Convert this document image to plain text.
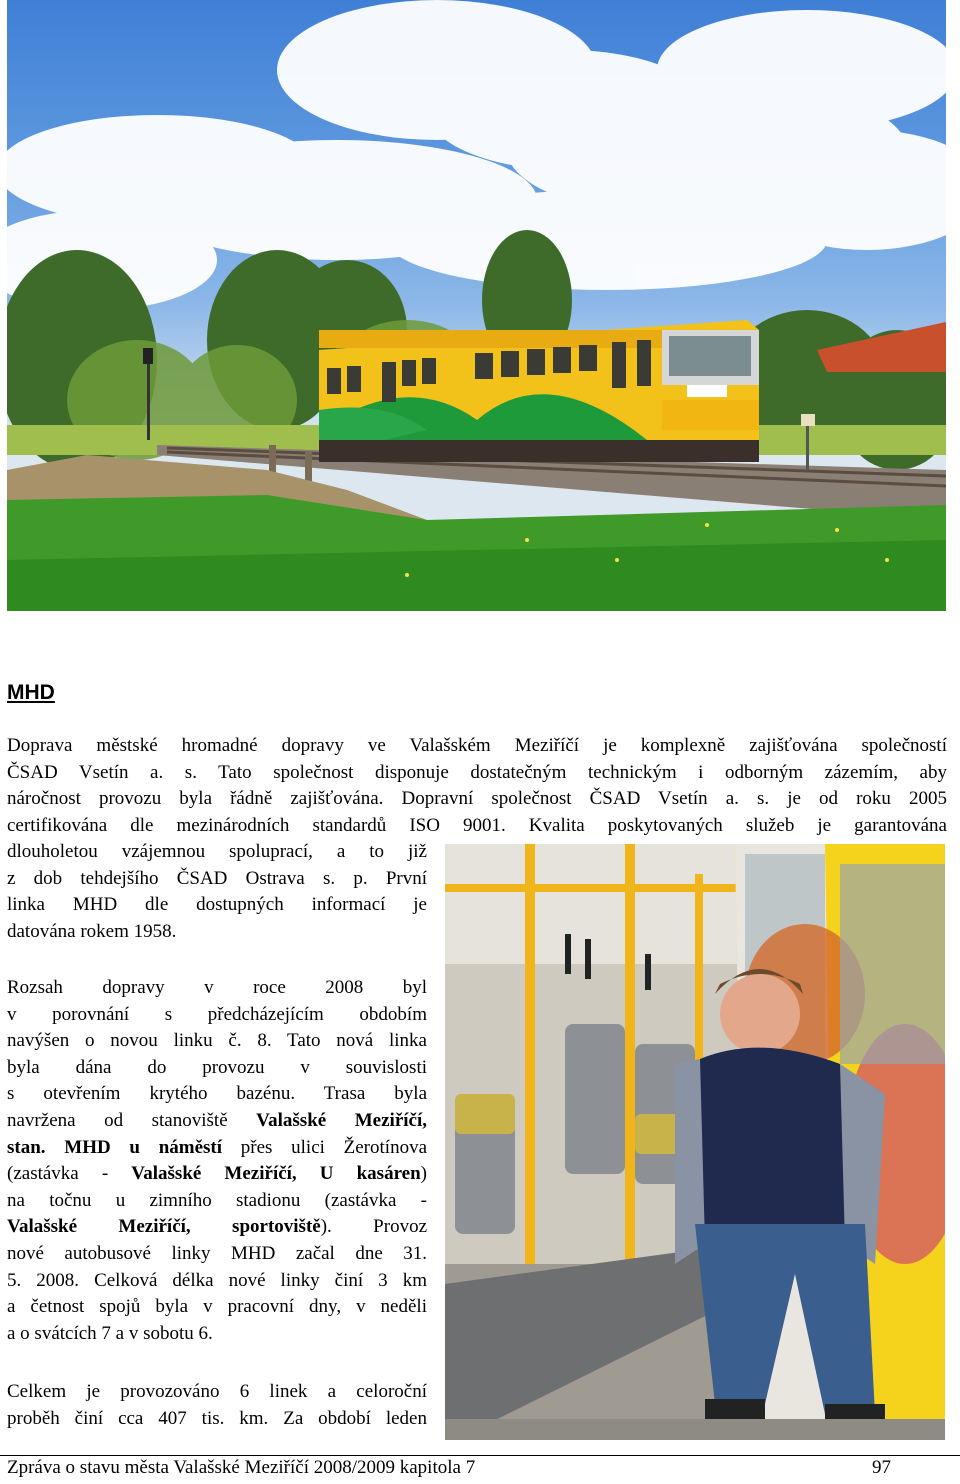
MHD

Doprava městské hromadné dopravy ve Valašském Meziříčí je komplexně zajišťována společností
ČSAD Vsetín a. s. Tato společnost disponuje dostatečným technickým i odborným zázemím, aby
náročnost provozu byla řádně zajišťována. Dopravní společnost ČSAD Vsetín a. s. je od roku 2005
certifikována dle mezinárodních standardů ISO 9001. Kvalita poskytovaných služeb je garantována

dlouholetou vzájemnou spoluprací, a to již
z dob tehdejšího ČSAD Ostrava s. p. První
linka MHD dle dostupných informací je
datována rokem 1958.

Rozsah dopravy v roce 2008 byl
v porovnání s předcházejícím obdobím
navýšen o novou linku č. 8. Tato nová linka
byla dána do provozu v souvislosti
s otevřením krytého bazénu. Trasa byla
navržena od stanoviště Valašské Meziříčí,
stan. MHD u náměstí přes ulici Žerotínova
(zastávka - Valašské Meziříčí, U kasáren)
na točnu u zimního stadionu (zastávka -
Valašské Meziříčí, sportoviště). Provoz
nové autobusové linky MHD začal dne 31.
5. 2008. Celková délka nové linky činí 3 km
a četnost spojů byla v pracovní dny, v neděli
a o svátcích 7 a v sobotu 6.

Celkem je provozováno 6 linek a celoroční
proběh činí cca 407 tis. km. Za období leden

Zpráva o stavu města Valašské Meziříčí 2008/2009 kapitola 7	97
